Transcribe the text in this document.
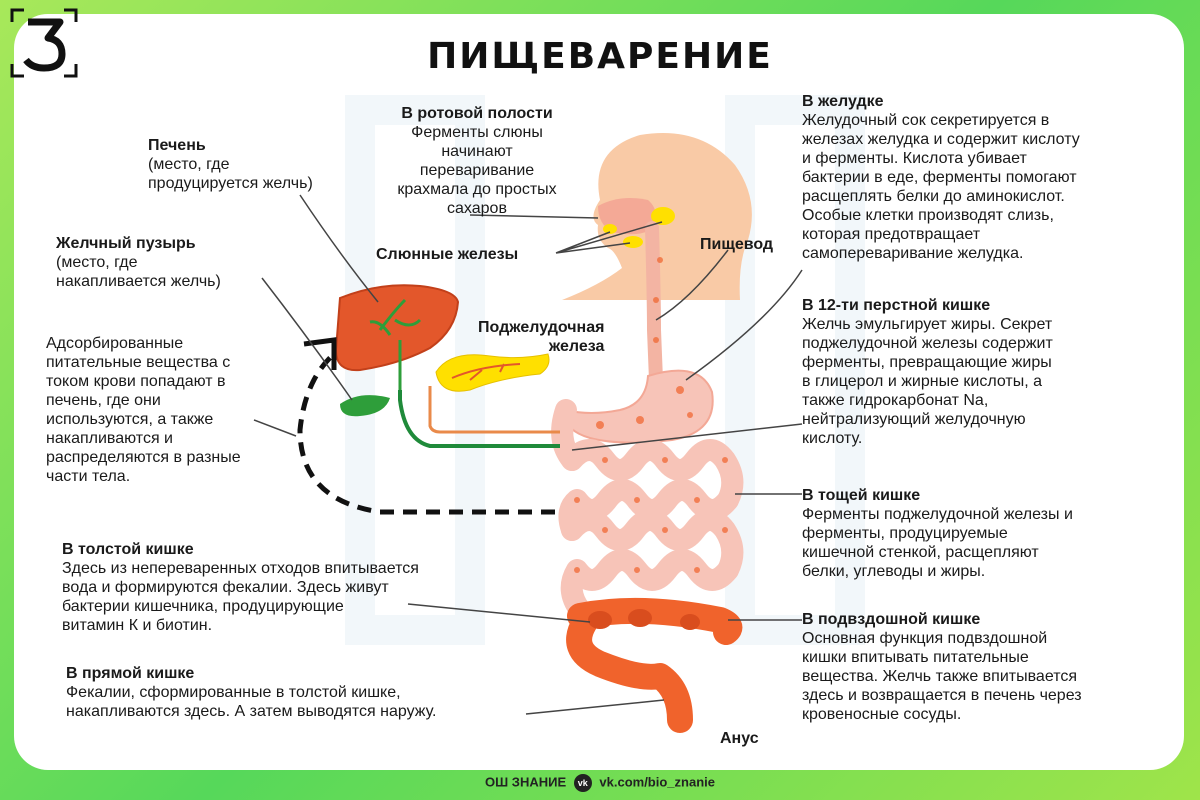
ПИЩЕВАРЕНИЕ
В ротовой полости
Ферменты слюны
начинают
переваривание
крахмала до простых
сахаров
Печень
(место, где
продуцируется желчь)
Желчный пузырь
(место, где
накапливается желчь)
Адсорбированные
питательные вещества с
током крови попадают в
печень, где они
используются, а также
накапливаются и
распределяются в разные
части тела.
Слюнные железы
Пищевод
Поджелудочная
железа
Анус
В желудке
Желудочный сок секретируется в
железах желудка и содержит кислоту
и ферменты. Кислота убивает
бактерии в еде, ферменты помогают
расщеплять белки до аминокислот.
Особые клетки производят слизь,
которая предотвращает
самопереваривание желудка.
В 12-ти перстной кишке
Желчь эмульгирует жиры. Секрет
поджелудочной железы содержит
ферменты, превращающие жиры
в глицерол и жирные кислоты, а
также гидрокарбонат Na,
нейтрализующий желудочную
кислоту.
В тощей кишке
Ферменты поджелудочной железы и
ферменты, продуцируемые
кишечной стенкой, расщепляют
белки, углеводы и жиры.
В подвздошной кишке
Основная функция подвздошной
кишки впитывать питательные
вещества. Желчь также впитывается
здесь и возвращается в печень через
кровеносные сосуды.
В толстой кишке
Здесь из непереваренных отходов впитывается
вода и формируются фекалии. Здесь живут
бактерии кишечника, продуцирующие
витамин К и биотин.
В прямой кишке
Фекалии, сформированные в толстой кишке,
накапливаются здесь. А затем выводятся наружу.
ОШ ЗНАНИЕ vk vk.com/bio_znanie
